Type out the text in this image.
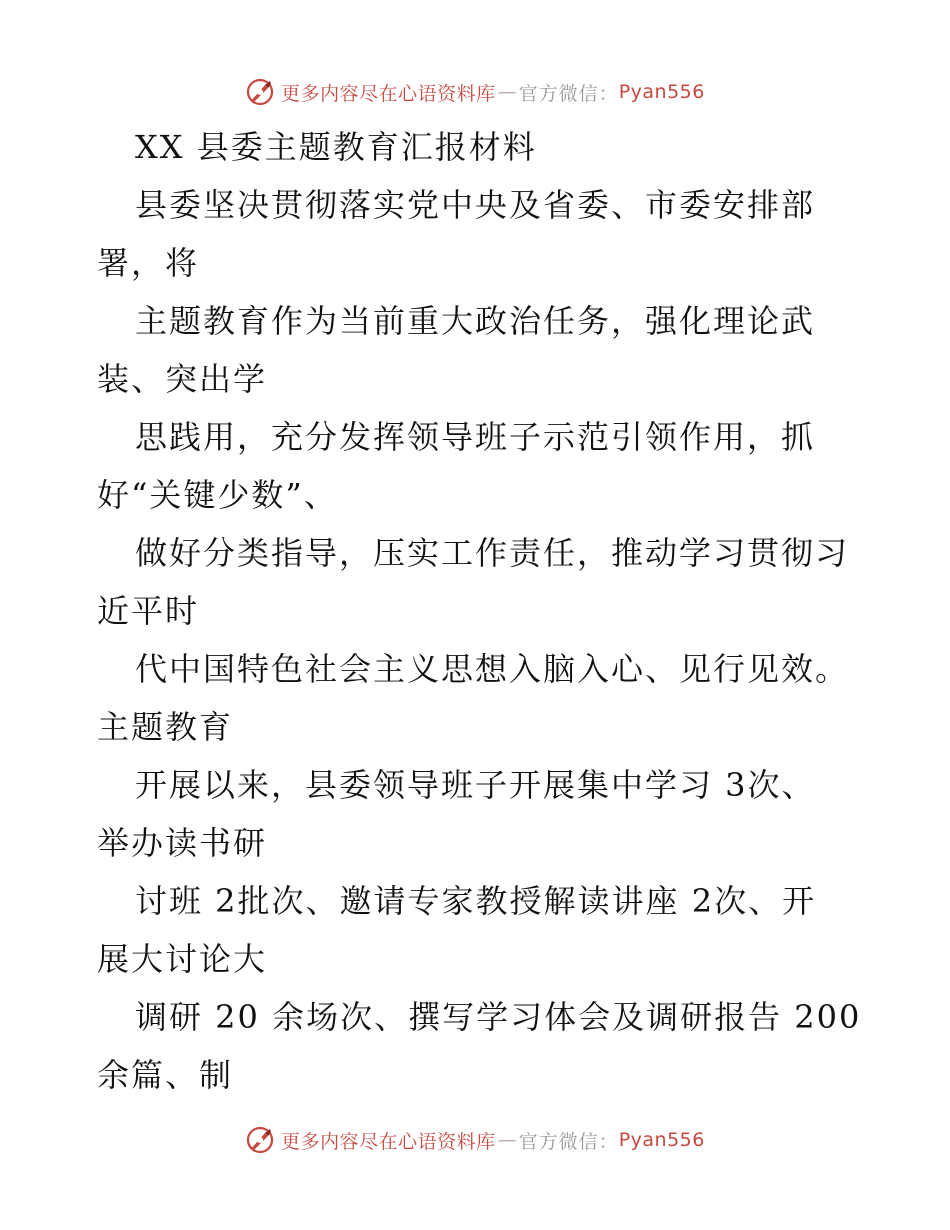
更多内容尽在心语资料库 — 官方微信： Pyan556
XX 县委主题教育汇报材料
县委坚决贯彻落实党中央及省委、市委安排部
署，将
主题教育作为当前重大政治任务，强化理论武
装、突出学
思践用，充分发挥领导班子示范引领作用，抓
好“关键少数”、
做好分类指导，压实工作责任，推动学习贯彻习
近平时
代中国特色社会主义思想入脑入心、见行见效。
主题教育
开展以来，县委领导班子开展集中学习 3次、
举办读书研
讨班 2批次、邀请专家教授解读讲座 2次、开
展大讨论大
调研 20 余场次、撰写学习体会及调研报告 200
余篇、制
更多内容尽在心语资料库 — 官方微信： Pyan556
